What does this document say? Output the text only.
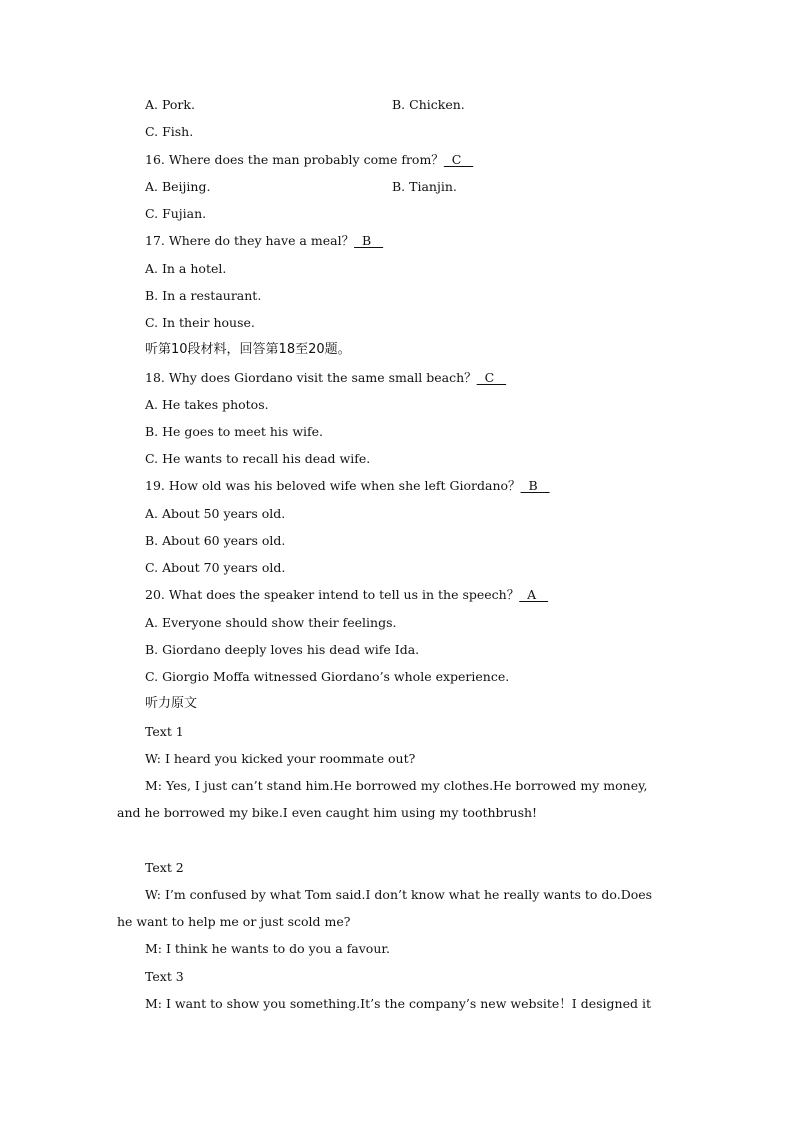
A. Pork.	B. Chicken.
C. Fish.
16. Where does the man probably come from？  C
A. Beijing.	B. Tianjin.
C. Fujian.
17. Where do they have a meal？  B
A. In a hotel.
B. In a restaurant.
C. In their house.
听第10段材料，回答第18至20题。
18. Why does Giordano visit the same small beach？  C
A. He takes photos.
B. He goes to meet his wife.
C. He wants to recall his dead wife.
19. How old was his beloved wife when she left Giordano？  B
A. About 50 years old.
B. About 60 years old.
C. About 70 years old.
20. What does the speaker intend to tell us in the speech？  A
A. Everyone should show their feelings.
B. Giordano deeply loves his dead wife Ida.
C. Giorgio Moffa witnessed Giordano’s whole experience.
听力原文
Text 1
W: I heard you kicked your roommate out?
M: Yes, I just can’t stand him.He borrowed my clothes.He borrowed my money,
and he borrowed my bike.I even caught him using my toothbrush!
Text 2
W: I’m confused by what Tom said.I don’t know what he really wants to do.Does
he want to help me or just scold me?
M: I think he wants to do you a favour.
Text 3
M: I want to show you something.It’s the company’s new website！I designed it
